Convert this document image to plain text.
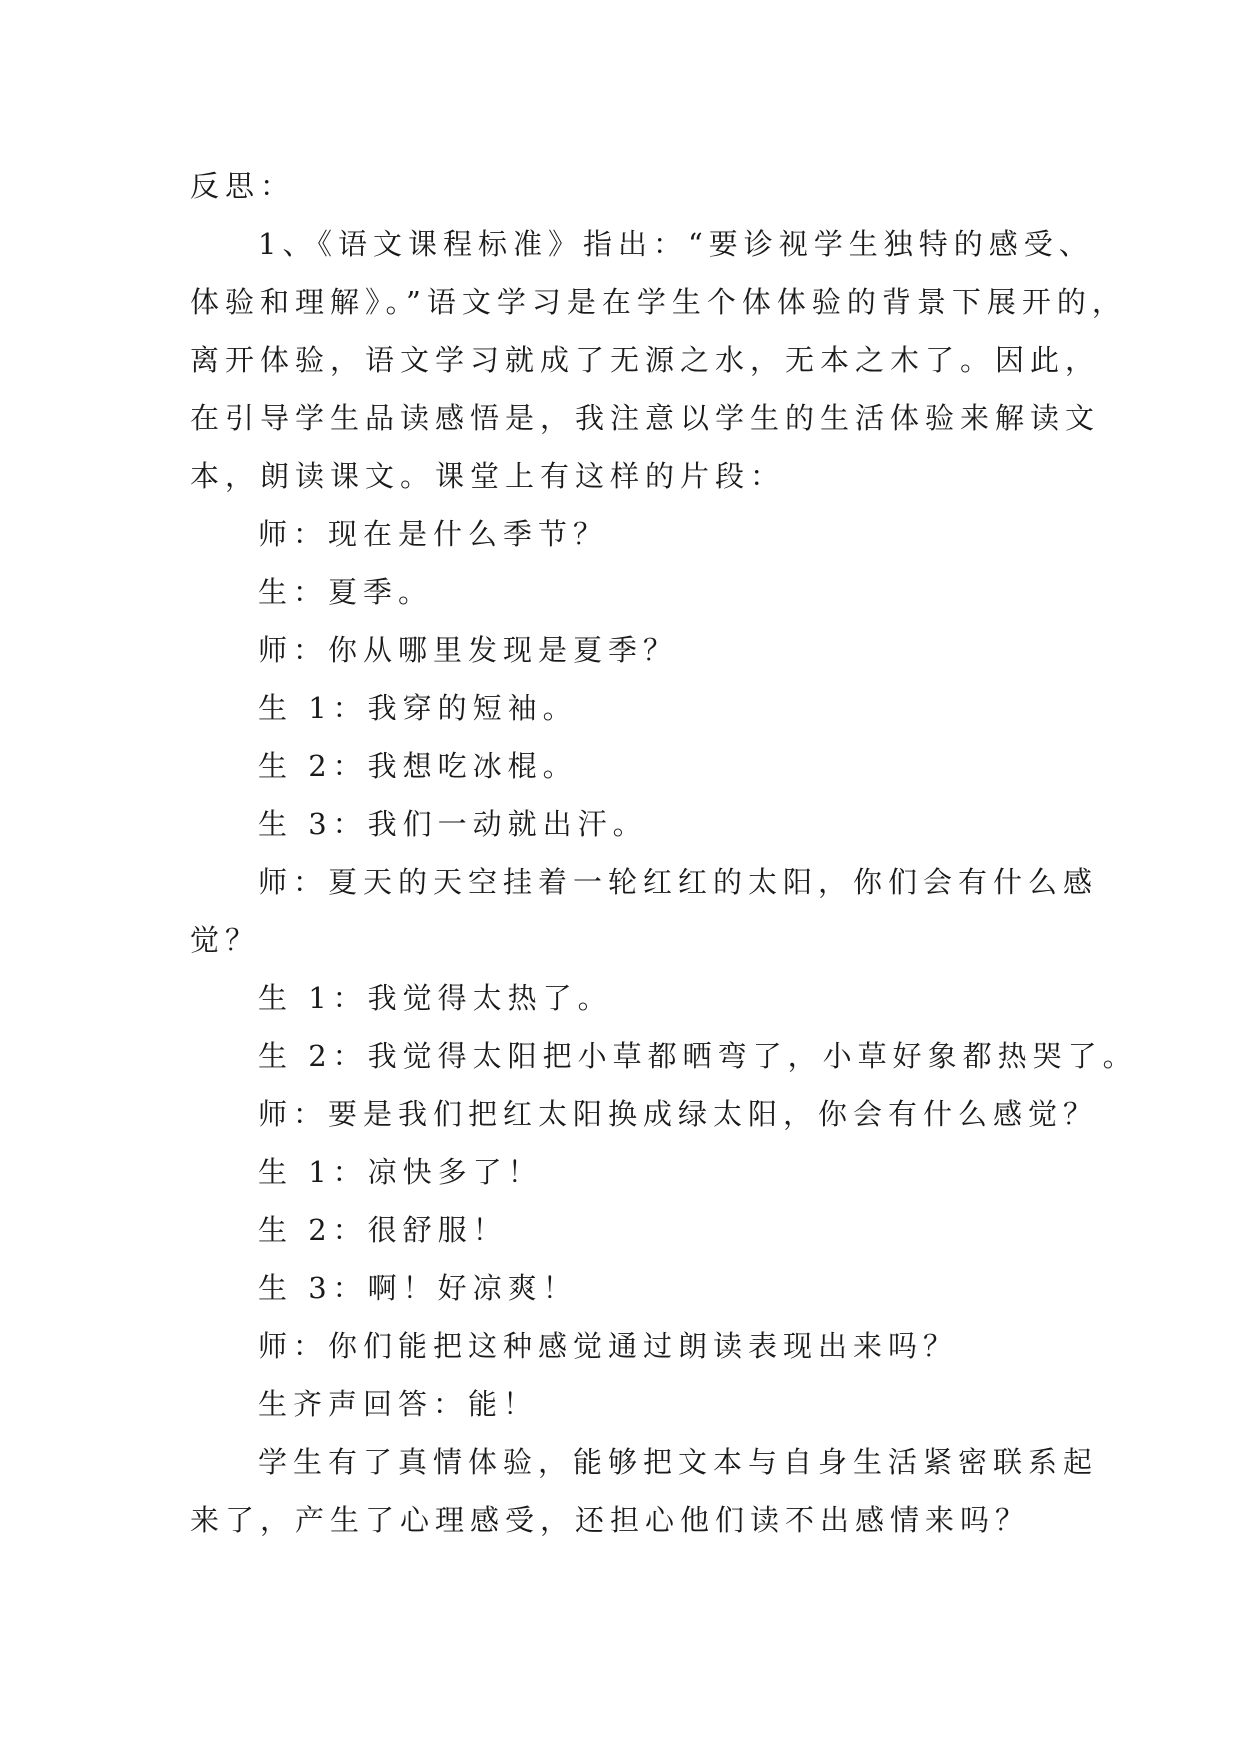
反思：

1、《语文课程标准》指出：“要诊视学生独特的感受、

体验和理解》。”语文学习是在学生个体体验的背景下展开的，

离开体验，语文学习就成了无源之水，无本之木了。因此，

在引导学生品读感悟是，我注意以学生的生活体验来解读文

本，朗读课文。课堂上有这样的片段：

师：现在是什么季节？

生：夏季。

师：你从哪里发现是夏季？

生 1：我穿的短袖。

生 2：我想吃冰棍。

生 3：我们一动就出汗。

师：夏天的天空挂着一轮红红的太阳，你们会有什么感

觉？

生 1：我觉得太热了。

生 2：我觉得太阳把小草都晒弯了，小草好象都热哭了。

师：要是我们把红太阳换成绿太阳，你会有什么感觉？

生 1：凉快多了！

生 2：很舒服！

生 3：啊！好凉爽！

师：你们能把这种感觉通过朗读表现出来吗？

生齐声回答：能！

学生有了真情体验，能够把文本与自身生活紧密联系起

来了，产生了心理感受，还担心他们读不出感情来吗？
